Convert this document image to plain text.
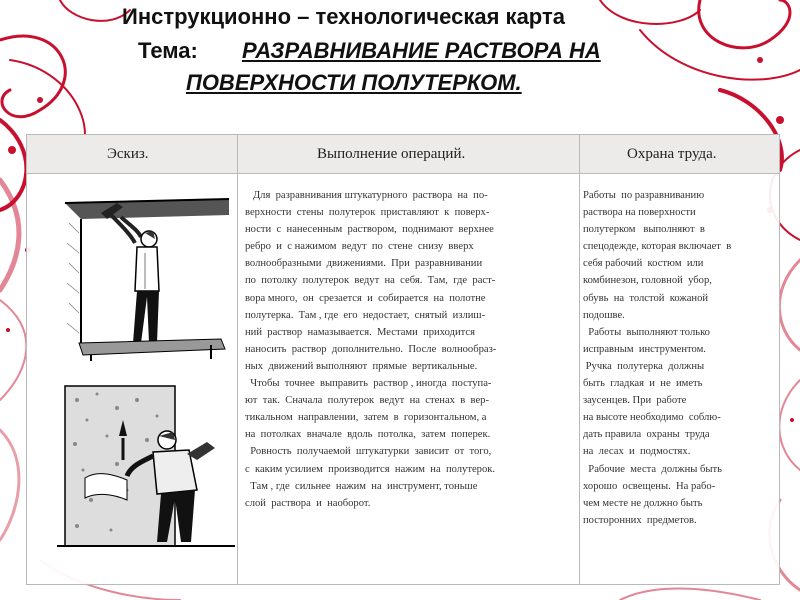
Инструкционно – технологическая карта
Тема: РАЗРАВНИВАНИЕ РАСТВОРА НА
ПОВЕРХНОСТИ ПОЛУТЕРКОМ.
Эскиз.	Выполнение операций.	Охрана труда.

Для  разравнивания штукатурного  раствора  на  по-

верхности  стены  полутерок  приставляют  к  поверх-

ности  с  нанесенным  раствором,  поднимают  верхнее

ребро  и  с нажимом  ведут  по  стене  снизу  вверх

волнообразными  движениями.  При  разравнивании

по  потолку  полутерок  ведут  на  себя.  Там,  где  раст-

вора много,  он  срезается  и  собирается  на  полотне

полутерка.  Там , где  его  недостает,  снятый  излиш-

ний  раствор  намазывается.  Местами  приходится

наносить  раствор  дополнительно.  После  волнообраз-

ных  движений выполняют  прямые  вертикальные.

Чтобы  точнее  выправить  раствор , иногда  поступа-

ют  так.  Сначала  полутерок  ведут  на  стенах  в  вер-

тикальном  направлении,  затем  в  горизонтальном, а

на  потолках  вначале  вдоль  потолка,  затем  поперек.

Ровность  получаемой  штукатурки  зависит  от  того,

с  каким усилием  производится  нажим  на  полутерок.

Там , где  сильнее  нажим  на  инструмент, тоньше

слой  раствора  и  наоборот.

Работы  по разравниванию

раствора на поверхности

полутерком   выполняют  в

спецодежде, которая включает  в

себя рабочий  костюм  или

комбинезон, головной  убор,

обувь  на  толстой  кожаной

подошве.

Работы  выполняют только

исправным  инструментом.

Ручка  полутерка  должны

быть  гладкая  и  не  иметь

заусенцев. При  работе

на высоте необходимо  соблю-

дать правила  охраны  труда

на  лесах  и  подмостях.

Рабочие  места  должны быть

хорошо  освещены.  На рабо-

чем месте не должно быть

посторонних  предметов.
